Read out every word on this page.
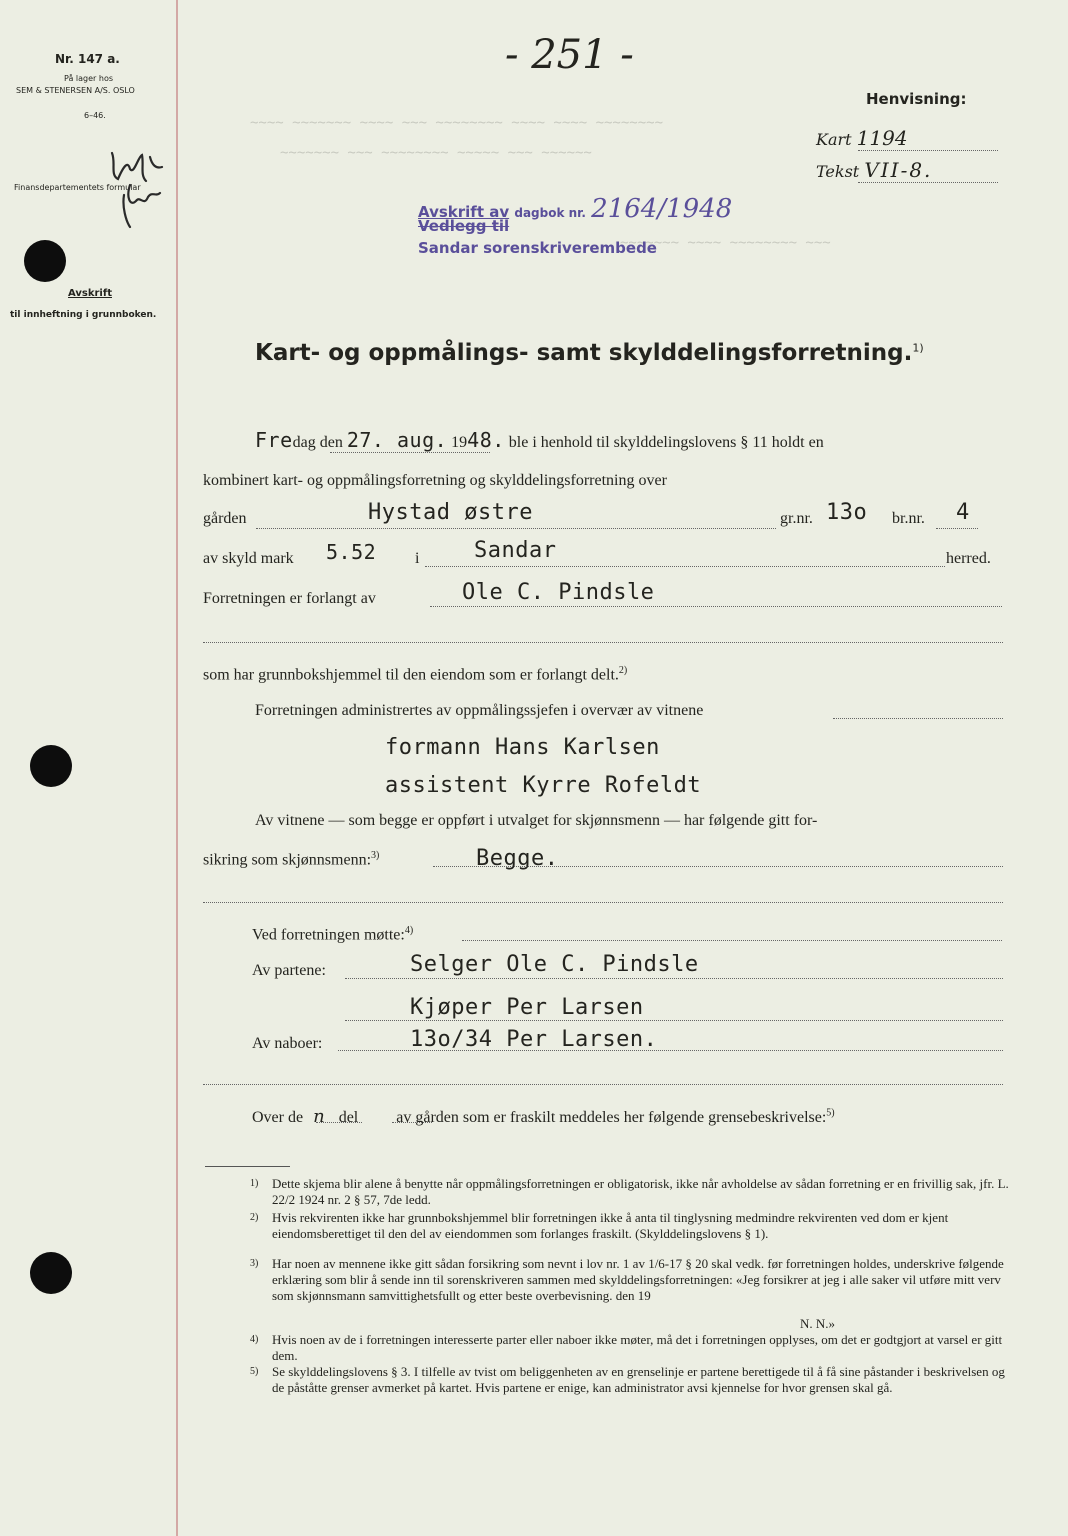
~~~~ ~~~~~~~ ~~~~ ~~~ ~~~~~~~~ ~~~~ ~~~~ ~~~~~~~~
~~~~~~~ ~~~ ~~~~~~~~ ~~~~~ ~~~ ~~~~~~
~~~~~~~ ~~~~ ~~~~~~~~ ~~~
Nr. 147 a.
På lager hos
SEM & STENERSEN A/S. OSLO
6–46.
Finansdepartementets formular
Avskrift
til innheftning i grunnboken.
- 251 -
Henvisning:
Kart 1194
Tekst VII-8.
Avskrift av dagbok nr. 2164/1948
Vedlegg til
Sandar sorenskriverembede
Kart- og oppmålings- samt skylddelingsforretning.$^{1)}$
Fredag den 27. aug. 1948. ble i henhold til skylddelingslovens § 11 holdt en
kombinert kart- og oppmålingsforretning og skylddelingsforretning over
gården	Hystad østre	gr.nr. 13o br.nr. 4
av skyld mark 5.52 i Sandar	herred.
Forretningen er forlangt av	Ole C. Pindsle
som har grunnbokshjemmel til den eiendom som er forlangt delt.$^{2)}$
Forretningen administrertes av oppmålingssjefen i overvær av vitnene
formann Hans Karlsen
assistent Kyrre Rofeldt
Av vitnene — som begge er oppført i utvalget for skjønnsmenn — har følgende gitt for-
sikring som skjønnsmenn:$^{3)}$	Begge.
Ved forretningen møtte:$^{4)}$
Av partene:	Selger Ole C. Pindsle
Kjøper Per Larsen
Av naboer:	13o/34 Per Larsen.
Over de n del av gården som er fraskilt meddeles her følgende grensebeskrivelse:$^{5)}$
1) Dette skjema blir alene å benytte når oppmålingsforretningen er obligatorisk, ikke når avholdelse av sådan forretning er en frivillig sak, jfr. L. 22/2 1924 nr. 2 § 57, 7de ledd.
2) Hvis rekvirenten ikke har grunnbokshjemmel blir forretningen ikke å anta til tinglysning medmindre rekvirenten ved dom er kjent eiendomsberettiget til den del av eiendommen som forlanges fraskilt. (Skylddelingslovens § 1).
3) Har noen av mennene ikke gitt sådan forsikring som nevnt i lov nr. 1 av 1/6-17 § 20 skal vedk. før forretningen holdes, underskrive følgende erklæring som blir å sende inn til sorenskriveren sammen med skylddelingsforretningen: «Jeg forsikrer at jeg i alle saker vil utføre mitt verv som skjønnsmann samvittighetsfullt og etter beste overbevisning. den 19
N. N.»
4) Hvis noen av de i forretningen interesserte parter eller naboer ikke møter, må det i forretningen opplyses, om det er godtgjort at varsel er gitt dem.
5) Se skylddelingslovens § 3. I tilfelle av tvist om beliggenheten av en grenselinje er partene berettigede til å få sine påstander i beskrivelsen og de påståtte grenser avmerket på kartet. Hvis partene er enige, kan administrator avsi kjennelse for hvor grensen skal gå.
